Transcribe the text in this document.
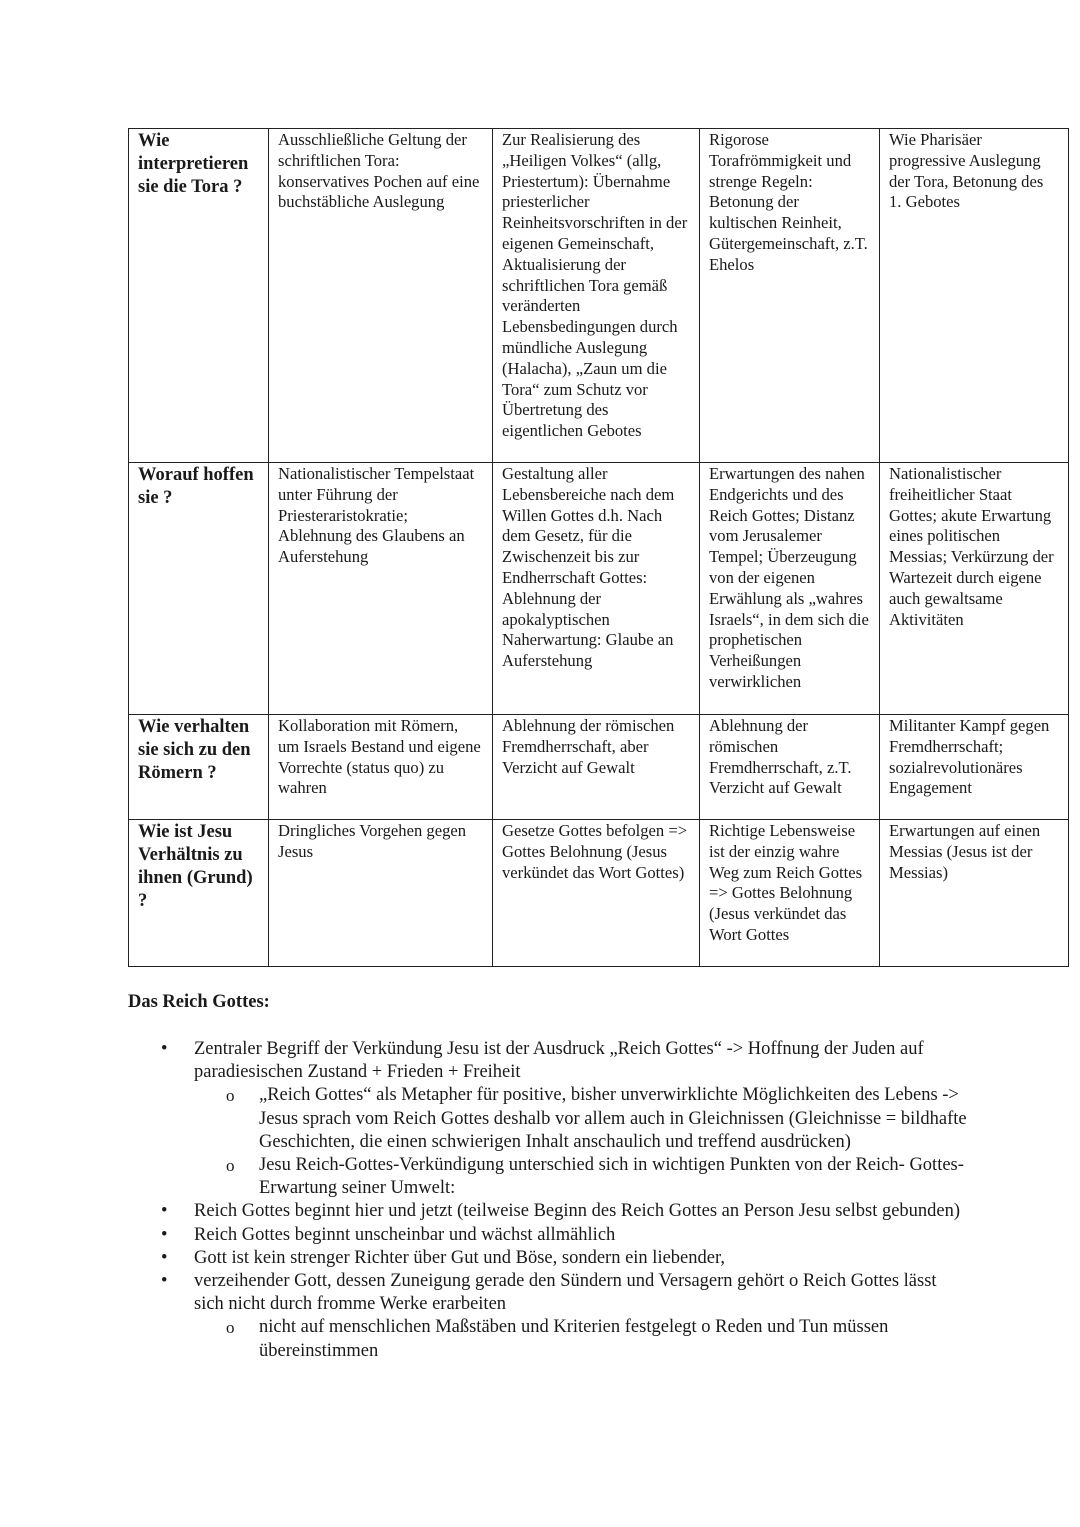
Wie interpretieren sie die Tora ?	Ausschließliche Geltung der schriftlichen Tora: konservatives Pochen auf eine buchstäbliche Auslegung	Zur Realisierung des „Heiligen Volkes“ (allg, Priestertum): Übernahme priesterlicher Reinheitsvorschriften in der eigenen Gemeinschaft, Aktualisierung der schriftlichen Tora gemäß veränderten Lebensbedingungen durch mündliche Auslegung (Halacha), „Zaun um die Tora“ zum Schutz vor Übertretung des eigentlichen Gebotes	Rigorose Torafrömmigkeit und strenge Regeln: Betonung der kultischen Reinheit, Gütergemeinschaft, z.T. Ehelos	Wie Pharisäer progressive Auslegung der Tora, Betonung des 1. Gebotes
Worauf hoffen sie ?	Nationalistischer Tempelstaat unter Führung der Priesteraristokratie; Ablehnung des Glaubens an Auferstehung	Gestaltung aller Lebensbereiche nach dem Willen Gottes d.h. Nach dem Gesetz, für die Zwischenzeit bis zur Endherrschaft Gottes: Ablehnung der apokalyptischen Naherwartung: Glaube an Auferstehung	Erwartungen des nahen Endgerichts und des Reich Gottes; Distanz vom Jerusalemer Tempel; Überzeugung von der eigenen Erwählung als „wahres Israels“, in dem sich die prophetischen Verheißungen verwirklichen	Nationalistischer freiheitlicher Staat Gottes; akute Erwartung eines politischen Messias; Verkürzung der Wartezeit durch eigene auch gewaltsame Aktivitäten
Wie verhalten sie sich zu den Römern ?	Kollaboration mit Römern, um Israels Bestand und eigene Vorrechte (status quo) zu wahren	Ablehnung der römischen Fremdherrschaft, aber Verzicht auf Gewalt	Ablehnung der römischen Fremdherrschaft, z.T. Verzicht auf Gewalt	Militanter Kampf gegen Fremdherrschaft; sozialrevolutionäres Engagement
Wie ist Jesu Verhältnis zu ihnen (Grund) ?	Dringliches Vorgehen gegen Jesus	Gesetze Gottes befolgen => Gottes Belohnung (Jesus verkündet das Wort Gottes)	Richtige Lebensweise ist der einzig wahre Weg zum Reich Gottes => Gottes Belohnung (Jesus verkündet das Wort Gottes	Erwartungen auf einen Messias (Jesus ist der Messias)
Das Reich Gottes:
• Zentraler Begriff der Verkündung Jesu ist der Ausdruck „Reich Gottes“ -> Hoffnung der Juden auf paradiesischen Zustand + Frieden + Freiheit
o „Reich Gottes“ als Metapher für positive, bisher unverwirklichte Möglichkeiten des Lebens -> Jesus sprach vom Reich Gottes deshalb vor allem auch in Gleichnissen (Gleichnisse = bildhafte Geschichten, die einen schwierigen Inhalt anschaulich und treffend ausdrücken)
o Jesu Reich-Gottes-Verkündigung unterschied sich in wichtigen Punkten von der Reich- Gottes-Erwartung seiner Umwelt:
• Reich Gottes beginnt hier und jetzt (teilweise Beginn des Reich Gottes an Person Jesu selbst gebunden)
• Reich Gottes beginnt unscheinbar und wächst allmählich
• Gott ist kein strenger Richter über Gut und Böse, sondern ein liebender,
• verzeihender Gott, dessen Zuneigung gerade den Sündern und Versagern gehört o Reich Gottes lässt sich nicht durch fromme Werke erarbeiten
o nicht auf menschlichen Maßstäben und Kriterien festgelegt o Reden und Tun müssen übereinstimmen
